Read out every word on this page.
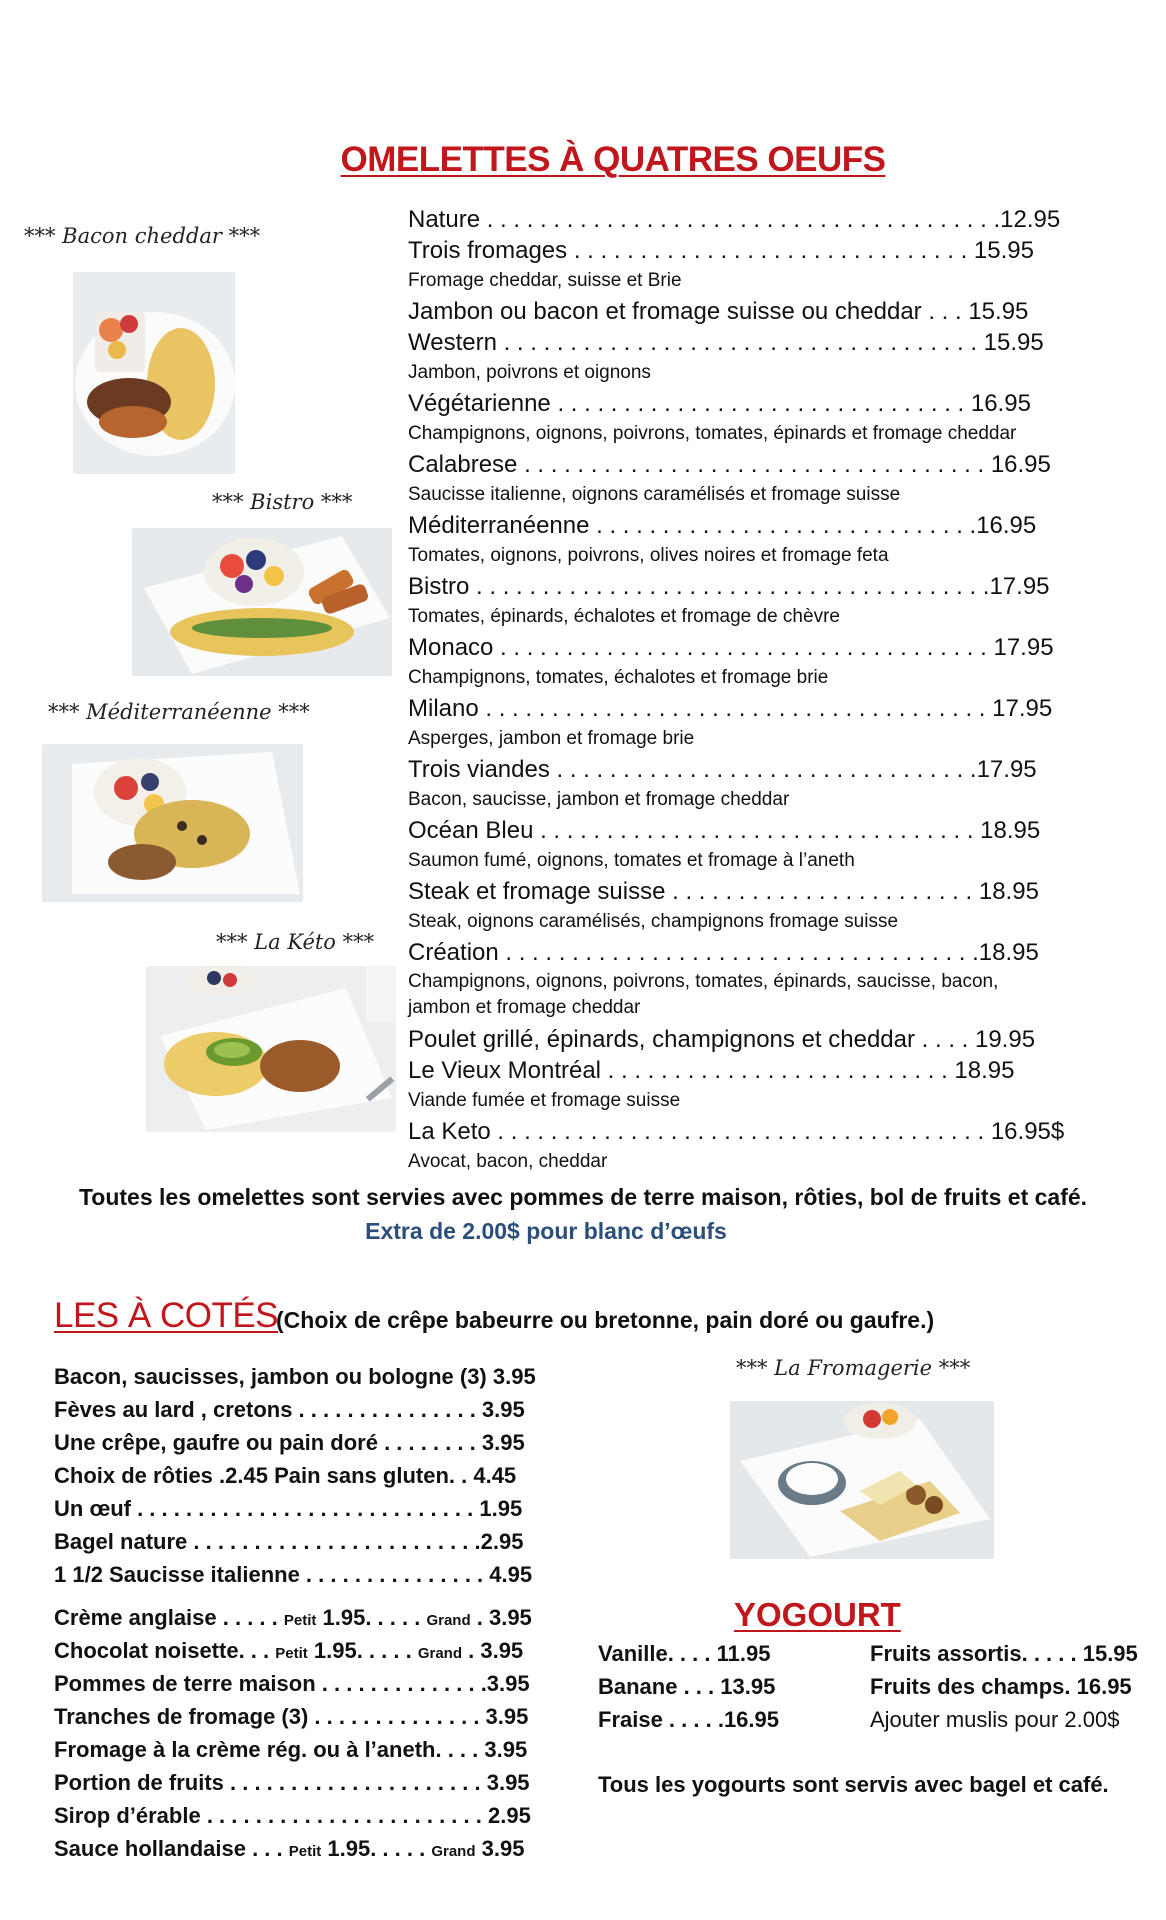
OMELETTES À QUATRES OEUFS
*** Bacon cheddar ***
*** Bistro ***
*** Méditerranéenne ***
*** La Kéto ***
*** La Fromagerie ***
Nature . . . . . . . . . . . . . . . . . . . . . . . . . . . . . . . . . . . . . . .12.95
Trois fromages . . . . . . . . . . . . . . . . . . . . . . . . . . . . . . 15.95
Fromage cheddar, suisse et Brie
Jambon ou bacon et fromage suisse ou cheddar . . . 15.95
Western . . . . . . . . . . . . . . . . . . . . . . . . . . . . . . . . . . . . 15.95
Jambon, poivrons et oignons
Végétarienne . . . . . . . . . . . . . . . . . . . . . . . . . . . . . . . 16.95
Champignons, oignons, poivrons, tomates, épinards et fromage cheddar
Calabrese . . . . . . . . . . . . . . . . . . . . . . . . . . . . . . . . . . . 16.95
Saucisse italienne, oignons caramélisés et fromage suisse
Méditerranéenne . . . . . . . . . . . . . . . . . . . . . . . . . . . . .16.95
Tomates, oignons, poivrons, olives noires et fromage feta
Bistro . . . . . . . . . . . . . . . . . . . . . . . . . . . . . . . . . . . . . . .17.95
Tomates, épinards, échalotes et fromage de chèvre
Monaco . . . . . . . . . . . . . . . . . . . . . . . . . . . . . . . . . . . . . 17.95
Champignons, tomates, échalotes et fromage brie
Milano . . . . . . . . . . . . . . . . . . . . . . . . . . . . . . . . . . . . . . 17.95
Asperges, jambon et fromage brie
Trois viandes . . . . . . . . . . . . . . . . . . . . . . . . . . . . . . . .17.95
Bacon, saucisse, jambon et fromage cheddar
Océan Bleu . . . . . . . . . . . . . . . . . . . . . . . . . . . . . . . . . 18.95
Saumon fumé, oignons, tomates et fromage à l’aneth
Steak et fromage suisse . . . . . . . . . . . . . . . . . . . . . . . 18.95
Steak, oignons caramélisés, champignons fromage suisse
Création . . . . . . . . . . . . . . . . . . . . . . . . . . . . . . . . . . . .18.95
Champignons, oignons, poivrons, tomates, épinards, saucisse, bacon,
jambon et fromage cheddar
Poulet grillé, épinards, champignons et cheddar . . . . 19.95
Le Vieux Montréal . . . . . . . . . . . . . . . . . . . . . . . . . . 18.95
Viande fumée et fromage suisse
La Keto . . . . . . . . . . . . . . . . . . . . . . . . . . . . . . . . . . . . . 16.95$
Avocat, bacon, cheddar
Toutes les omelettes sont servies avec pommes de terre maison, rôties, bol de fruits et café.
Extra de 2.00$ pour blanc d’œufs
LES À COTÉS
(Choix de crêpe babeurre ou bretonne, pain doré ou gaufre.)
Bacon, saucisses, jambon ou bologne (3) 3.95
Fèves au lard , cretons . . . . . . . . . . . . . . . 3.95
Une crêpe, gaufre ou pain doré . . . . . . . . 3.95
Choix de rôties .2.45 Pain sans gluten. . 4.45
Un œuf . . . . . . . . . . . . . . . . . . . . . . . . . . . . 1.95
Bagel nature . . . . . . . . . . . . . . . . . . . . . . . .2.95
1 1/2 Saucisse italienne . . . . . . . . . . . . . . . 4.95
Crème anglaise . . . . . Petit 1.95. . . . . Grand . 3.95
Chocolat noisette. . . Petit 1.95. . . . . Grand . 3.95
Pommes de terre maison . . . . . . . . . . . . . .3.95
Tranches de fromage (3) . . . . . . . . . . . . . . 3.95
Fromage à la crème rég. ou à l’aneth. . . . 3.95
Portion de fruits . . . . . . . . . . . . . . . . . . . . . 3.95
Sirop d’érable . . . . . . . . . . . . . . . . . . . . . . . 2.95
Sauce hollandaise . . . Petit 1.95. . . . . Grand 3.95
YOGOURT
Vanille. . . . 11.95	Fruits assortis. . . . . 15.95
Banane . . . 13.95	Fruits des champs. 16.95
Fraise . . . . .16.95	Ajouter muslis pour 2.00$
Tous les yogourts sont servis avec bagel et café.
